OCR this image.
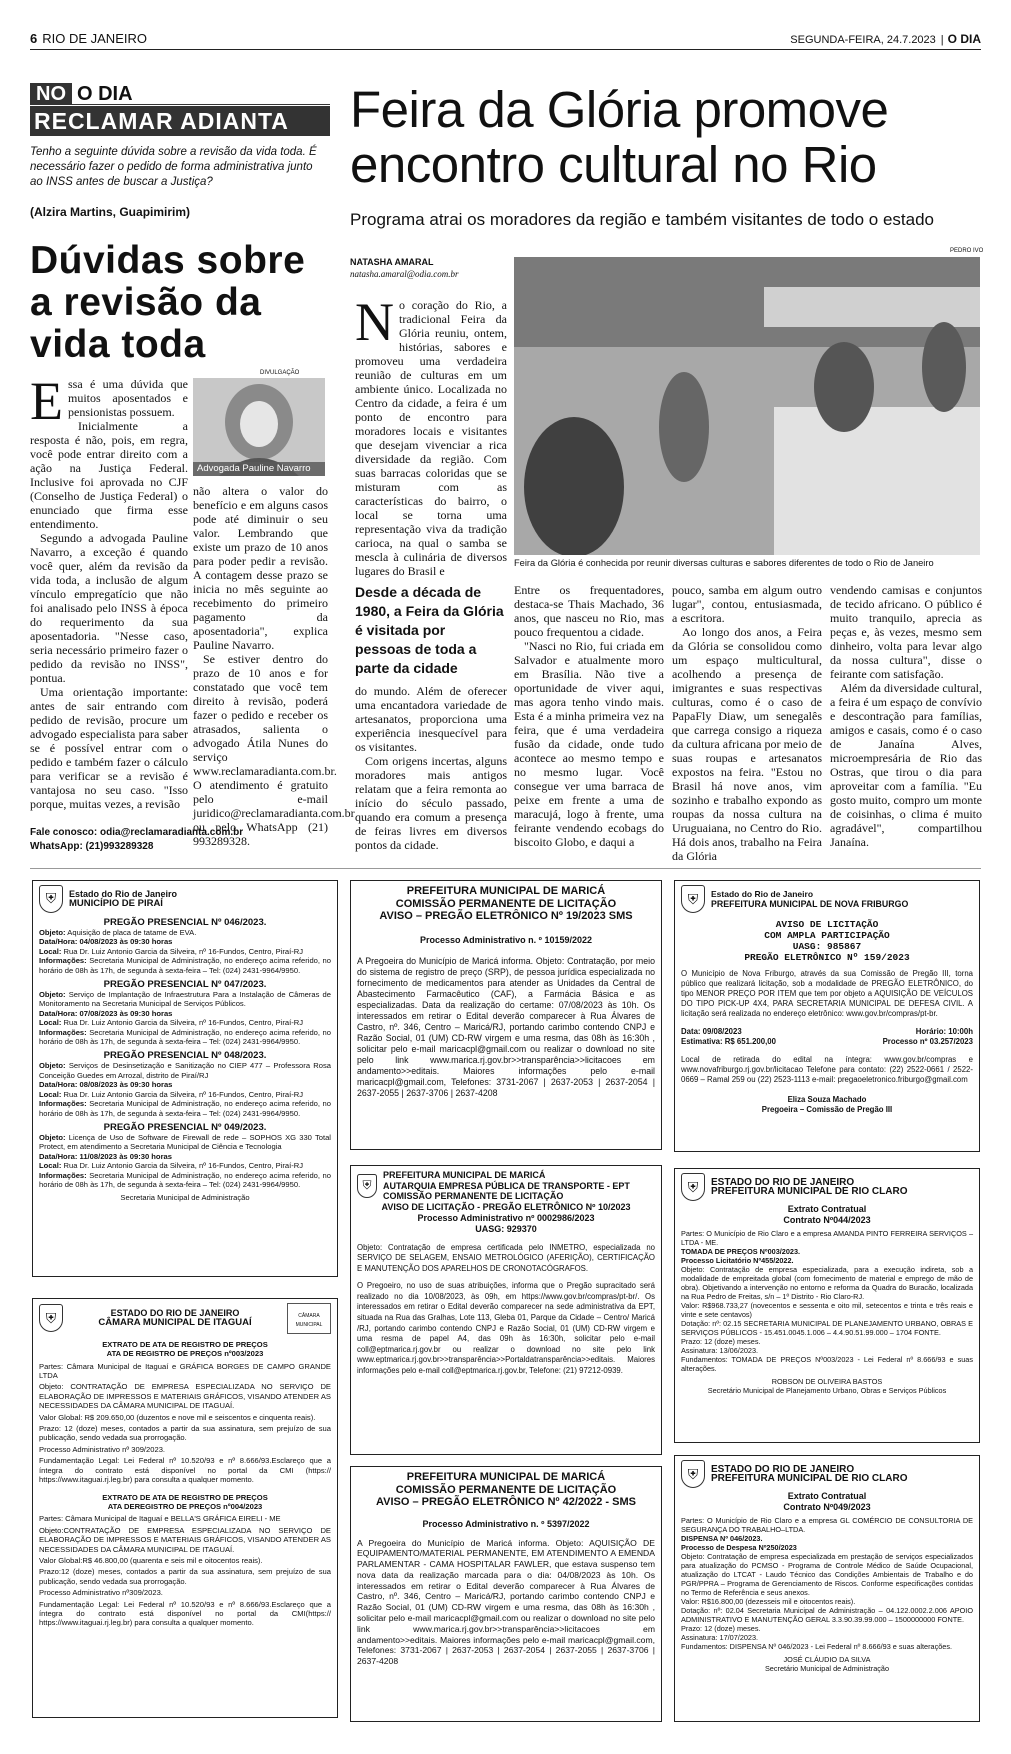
6 RIO DE JANEIRO	SEGUNDA-FEIRA, 24.7.2023 | O DIA
NO O DIA
RECLAMAR ADIANTA
Tenho a seguinte dúvida sobre a revisão da vida toda. É necessário fazer o pedido de forma administrativa junto ao INSS antes de buscar a Justiça?
(Alzira Martins, Guapimirim)
Dúvidas sobre a revisão da vida toda
DIVULGAÇÃO
Advogada Pauline Navarro
E ssa é uma dúvida que muitos aposentados e pensionistas possuem.

Inicialmente a resposta é não, pois, em regra, você pode entrar direito com a ação na Justiça Federal. Inclusive foi aprovada no CJF (Conselho de Justiça Federal) o enunciado que firma esse entendimento.

Segundo a advogada Pauline Navarro, a exceção é quando você quer, além da revisão da vida toda, a inclusão de algum vínculo empregatício que não foi analisado pelo INSS à época do requerimento da sua aposentadoria. "Nesse caso, seria necessário primeiro fazer o pedido da revisão no INSS", pontua.

Uma orientação importante: antes de sair entrando com pedido de revisão, procure um advogado especialista para saber se é possível entrar com o pedido e também fazer o cálculo para verificar se a revisão é vantajosa no seu caso. "Isso porque, muitas vezes, a revisão

não altera o valor do benefício e em alguns casos pode até diminuir o seu valor. Lembrando que existe um prazo de 10 anos para poder pedir a revisão. A contagem desse prazo se inicia no mês seguinte ao recebimento do primeiro pagamento da aposentadoria", explica Pauline Navarro.

Se estiver dentro do prazo de 10 anos e for constatado que você tem direito à revisão, poderá fazer o pedido e receber os atrasados, salienta o advogado Átila Nunes do serviço www.reclamaradianta.com.br. O atendimento é gratuito pelo e-mail juridico@reclamaradianta.com.br ou pelo WhatsApp (21) 993289328.

Fale conosco: odia@reclamaradianta.com.br
WhatsApp: (21)993289328
Feira da Glória promove encontro cultural no Rio
Programa atrai os moradores da região e também visitantes de todo o estado
NATASHA AMARAL
natasha.amaral@odia.com.br
PEDRO IVO
Feira da Glória é conhecida por reunir diversas culturas e sabores diferentes de todo o Rio de Janeiro
N o coração do Rio, a tradicional Feira da Glória reuniu, ontem, histórias, sabores e promoveu uma verdadeira reunião de culturas em um ambiente único. Localizada no Centro da cidade, a feira é um ponto de encontro para moradores locais e visitantes que desejam vivenciar a rica diversidade da região. Com suas barracas coloridas que se misturam com as características do bairro, o local se torna uma representação viva da tradição carioca, na qual o samba se mescla à culinária de diversos lugares do Brasil e

Desde a década de 1980, a Feira da Glória é visitada por pessoas de toda a parte da cidade

do mundo. Além de oferecer uma encantadora variedade de artesanatos, proporciona uma experiência inesquecível para os visitantes.

Com origens incertas, alguns moradores mais antigos relatam que a feira remonta ao início do século passado, quando era comum a presença de feiras livres em diversos pontos da cidade.

Entre os frequentadores, destaca-se Thais Machado, 36 anos, que nasceu no Rio, mas pouco frequentou a cidade.

"Nasci no Rio, fui criada em Salvador e atualmente moro em Brasília. Não tive a oportunidade de viver aqui, mas agora tenho vindo mais. Esta é a minha primeira vez na feira, que é uma verdadeira fusão da cidade, onde tudo acontece ao mesmo tempo e no mesmo lugar. Você consegue ver uma barraca de peixe em frente a uma de maracujá, logo à frente, uma feirante vendendo ecobags do biscoito Globo, e daqui a

pouco, samba em algum outro lugar", contou, entusiasmada, a escritora.

Ao longo dos anos, a Feira da Glória se consolidou como um espaço multicultural, acolhendo a presença de imigrantes e suas respectivas culturas, como é o caso de PapaFly Diaw, um senegalês que carrega consigo a riqueza da cultura africana por meio de suas roupas e artesanatos expostos na feira. "Estou no Brasil há nove anos, vim sozinho e trabalho expondo as roupas da nossa cultura na Uruguaiana, no Centro do Rio. Há dois anos, trabalho na Feira da Glória

vendendo camisas e conjuntos de tecido africano. O público é muito tranquilo, aprecia as peças e, às vezes, mesmo sem dinheiro, volta para levar algo da nossa cultura", disse o feirante com satisfação.

Além da diversidade cultural, a feira é um espaço de convívio e descontração para famílias, amigos e casais, como é o caso de Janaína Alves, microempresária de Rio das Ostras, que tirou o dia para aproveitar com a família. "Eu gosto muito, compro um monte de coisinhas, o clima é muito agradável", compartilhou Janaína.

⛨	Estado do Rio de Janeiro
MUNICÍPIO DE PIRAÍ
PREGÃO PRESENCIAL Nº 046/2023.
Objeto: Aquisição de placa de tatame de EVA.
Data/Hora: 04/08/2023 às 09:30 horas
Local: Rua Dr. Luiz Antonio Garcia da Silveira, nº 16-Fundos, Centro, Piraí-RJ
Informações: Secretaria Municipal de Administração, no endereço acima referido, no horário de 08h às 17h, de segunda à sexta-feira – Tel: (024) 2431-9964/9950.
PREGÃO PRESENCIAL Nº 047/2023.
Objeto: Serviço de Implantação de Infraestrutura Para a Instalação de Câmeras de Monitoramento na Secretaria Municipal de Serviços Públicos.
Data/Hora: 07/08/2023 às 09:30 horas
Local: Rua Dr. Luiz Antonio Garcia da Silveira, nº 16-Fundos, Centro, Piraí-RJ
Informações: Secretaria Municipal de Administração, no endereço acima referido, no horário de 08h às 17h, de segunda à sexta-feira – Tel: (024) 2431-9964/9950.
PREGÃO PRESENCIAL Nº 048/2023.
Objeto: Serviços de Desinsetização e Sanitização no CIEP 477 – Professora Rosa Conceição Guedes em Arrozal, distrito de Piraí/RJ
Data/Hora: 08/08/2023 às 09:30 horas
Local: Rua Dr. Luiz Antonio Garcia da Silveira, nº 16-Fundos, Centro, Piraí-RJ
Informações: Secretaria Municipal de Administração, no endereço acima referido, no horário de 08h às 17h, de segunda à sexta-feira – Tel: (024) 2431-9964/9950.
PREGÃO PRESENCIAL Nº 049/2023.
Objeto: Licença de Uso de Software de Firewall de rede – SOPHOS XG 330 Total Protect, em atendimento a Secretaria Municipal de Ciência e Tecnologia
Data/Hora: 11/08/2023 às 09:30 horas
Local: Rua Dr. Luiz Antonio Garcia da Silveira, nº 16-Fundos, Centro, Piraí-RJ
Informações: Secretaria Municipal de Administração, no endereço acima referido, no horário de 08h às 17h, de segunda à sexta-feira – Tel: (024) 2431-9964/9950.
Secretaria Municipal de Administração
⛨	ESTADO DO RIO DE JANEIRO
CÂMARA MUNICIPAL DE ITAGUAÍ
CÂMARA MUNICIPAL
EXTRATO DE ATA DE REGISTRO DE PREÇOS
ATA DE REGISTRO DE PREÇOS nº003/2023
Partes: Câmara Municipal de Itaguaí e GRÁFICA BORGES DE CAMPO GRANDE LTDA
Objeto: CONTRATAÇÃO DE EMPRESA ESPECIALIZADA NO SERVIÇO DE ELABORAÇÃO DE IMPRESSOS E MATERIAIS GRÁFICOS, VISANDO ATENDER AS NECESSIDADES DA CÂMARA MUNICIPAL DE ITAGUAÍ.
Valor Global: R$ 209.650,00 (duzentos e nove mil e seiscentos e cinquenta reais).
Prazo: 12 (doze) meses, contados a partir da sua assinatura, sem prejuízo de sua publicação, sendo vedada sua prorrogação.
Processo Administrativo nº 309/2023.
Fundamentação Legal: Lei Federal nº 10.520/93 e nº 8.666/93.Esclareço que a íntegra do contrato está disponível no portal da CMI (https:// https://www.itaguai.rj.leg.br) para consulta a qualquer momento.
EXTRATO DE ATA DE REGISTRO DE PREÇOS
ATA DEREGISTRO DE PREÇOS nº004/2023
Partes: Câmara Municipal de Itaguaí e BELLA'S GRÁFICA EIRELI - ME
Objeto:CONTRATAÇÃO DE EMPRESA ESPECIALIZADA NO SERVIÇO DE ELABORAÇÃO DE IMPRESSOS E MATERIAIS GRÁFICOS, VISANDO ATENDER AS NECESSIDADES DA CÂMARA MUNICIPAL DE ITAGUAÍ.
Valor Global:R$ 46.800,00 (quarenta e seis mil e oitocentos reais).
Prazo:12 (doze) meses, contados a partir da sua assinatura, sem prejuízo de sua publicação, sendo vedada sua prorrogação.
Processo Administrativo nº309/2023.
Fundamentação Legal: Lei Federal nº 10.520/93 e nº 8.666/93.Esclareço que a íntegra do contrato está disponível no portal da CMI(https:// https://www.itaguai.rj.leg.br) para consulta a qualquer momento.
PREFEITURA MUNICIPAL DE MARICÁ
COMISSÃO PERMANENTE DE LICITAÇÃO
AVISO – PREGÃO ELETRÔNICO Nº 19/2023 SMS
Processo Administrativo n. º 10159/2022
A Pregoeira do Município de Maricá informa. Objeto: Contratação, por meio do sistema de registro de preço (SRP), de pessoa jurídica especializada no fornecimento de medicamentos para atender as Unidades da Central de Abastecimento Farmacêutico (CAF), a Farmácia Básica e as especializadas. Data da realização do certame: 07/08/2023 às 10h. Os interessados em retirar o Edital deverão comparecer à Rua Álvares de Castro, nº. 346, Centro – Maricá/RJ, portando carimbo contendo CNPJ e Razão Social, 01 (UM) CD-RW virgem e uma resma, das 08h às 16:30h , solicitar pelo e-mail maricacpl@gmail.com ou realizar o download no site pelo link www.marica.rj.gov.br>>transparência>>licitacoes em andamento>>editais. Maiores informações pelo e-mail maricacpl@gmail.com, Telefones: 3731-2067 | 2637-2053 | 2637-2054 | 2637-2055 | 2637-3706 | 2637-4208
⛨
PREFEITURA MUNICIPAL DE MARICÁ
AUTARQUIA EMPRESA PÚBLICA DE TRANSPORTE - EPT
COMISSÃO PERMANENTE DE LICITAÇÃO
AVISO DE LICITAÇÃO - PREGÃO ELETRÔNICO Nº 10/2023
Processo Administrativo nº 0002986/2023
UASG: 929370
Objeto: Contratação de empresa certificada pelo INMETRO, especializada no SERVIÇO DE SELAGEM, ENSAIO METROLÓGICO (AFERIÇÃO), CERTIFICAÇÃO E MANUTENÇÃO DOS APARELHOS DE CRONOTACÓGRAFOS.
O Pregoeiro, no uso de suas atribuições, informa que o Pregão supracitado será realizado no dia 10/08/2023, às 09h, em https://www.gov.br/compras/pt-br/. Os interessados em retirar o Edital deverão comparecer na sede administrativa da EPT, situada na Rua das Gralhas, Lote 113, Gleba 01, Parque da Cidade – Centro/ Maricá /RJ, portando carimbo contendo CNPJ e Razão Social, 01 (UM) CD-RW virgem e uma resma de papel A4, das 09h às 16:30h, solicitar pelo e-mail coll@eptmarica.rj.gov.br ou realizar o download no site pelo link www.eptmarica.rj.gov.br>>transparência>>Portaldatransparência>>editais. Maiores informações pelo e-mail coll@eptmarica.rj.gov.br, Telefone: (21) 97212-0939.
PREFEITURA MUNICIPAL DE MARICÁ
COMISSÃO PERMANENTE DE LICITAÇÃO
AVISO – PREGÃO ELETRÔNICO Nº 42/2022 - SMS
Processo Administrativo n. º 5397/2022
A Pregoeira do Município de Maricá informa. Objeto: AQUISIÇÃO DE EQUIPAMENTO/MATERIAL PERMANENTE, EM ATENDIMENTO A EMENDA PARLAMENTAR - CAMA HOSPITALAR FAWLER, que estava suspenso tem nova data da realização marcada para o dia: 04/08/2023 às 10h. Os interessados em retirar o Edital deverão comparecer à Rua Álvares de Castro, nº. 346, Centro – Maricá/RJ, portando carimbo contendo CNPJ e Razão Social, 01 (UM) CD-RW virgem e uma resma, das 08h às 16:30h , solicitar pelo e-mail maricacpl@gmail.com ou realizar o download no site pelo link www.marica.rj.gov.br>>transparência>>licitacoes em andamento>>editais. Maiores informações pelo e-mail maricacpl@gmail.com, Telefones: 3731-2067 | 2637-2053 | 2637-2054 | 2637-2055 | 2637-3706 | 2637-4208
⛨	Estado do Rio de Janeiro
PREFEITURA MUNICIPAL DE NOVA FRIBURGO
AVISO DE LICITAÇÃO
COM AMPLA PARTICIPAÇÃO
UASG: 985867
PREGÃO ELETRÔNICO Nº 159/2023
O Município de Nova Friburgo, através da sua Comissão de Pregão III, torna público que realizará licitação, sob a modalidade de PREGÃO ELETRÔNICO, do tipo MENOR PREÇO POR ITEM que tem por objeto a AQUISIÇÃO DE VEÍCULOS DO TIPO PICK-UP 4X4, PARA SECRETARIA MUNICIPAL DE DEFESA CIVIL. A licitação será realizada no endereço eletrônico: www.gov.br/compras/pt-br.
Data: 09/08/2023	Horário: 10:00h
Estimativa: R$ 651.200,00	Processo nº 03.257/2023
Local de retirada do edital na íntegra: www.gov.br/compras e www.novafriburgo.rj.gov.br/licitacao Telefone para contato: (22) 2522-0661 / 2522-0669 – Ramal 259 ou (22) 2523-1113 e-mail: pregaoeletronico.friburgo@gmail.com
Eliza Souza Machado
Pregoeira – Comissão de Pregão III
⛨	ESTADO DO RIO DE JANEIRO
PREFEITURA MUNICIPAL DE RIO CLARO
Extrato Contratual
Contrato Nº044/2023
Partes: O Município de Rio Claro e a empresa AMANDA PINTO FERREIRA SERVIÇOS – LTDA - ME.
TOMADA DE PREÇOS Nº003/2023.
Processo Licitatório Nº455/2022.
Objeto: Contratação de empresa especializada, para a execução indireta, sob a modalidade de empreitada global (com fornecimento de material e emprego de mão de obra). Objetivando a intervenção no entorno e reforma da Quadra do Buracão, localizada na Rua Pedro de Freitas, s/n – 1º Distrito - Rio Claro-RJ.
Valor: R$968.733,27 (novecentos e sessenta e oito mil, setecentos e trinta e três reais e vinte e sete centavos)
Dotação: nº: 02.15 SECRETARIA MUNICIPAL DE PLANEJAMENTO URBANO, OBRAS E SERVIÇOS PÚBLICOS - 15.451.0045.1.006 – 4.4.90.51.99.000 – 1704 FONTE.
Prazo: 12 (doze) meses.
Assinatura: 13/06/2023.
Fundamentos: TOMADA DE PREÇOS Nº003/2023 - Lei Federal nº 8.666/93 e suas alterações.
ROBSON DE OLIVEIRA BASTOS
Secretário Municipal de Planejamento Urbano, Obras e Serviços Públicos
⛨	ESTADO DO RIO DE JANEIRO
PREFEITURA MUNICIPAL DE RIO CLARO
Extrato Contratual
Contrato Nº049/2023
Partes: O Município de Rio Claro e a empresa GL COMÉRCIO DE CONSULTORIA DE SEGURANÇA DO TRABALHO–LTDA.
DISPENSA Nº 046/2023.
Processo de Despesa Nº250/2023
Objeto: Contratação de empresa especializada em prestação de serviços especializados para atualização do PCMSO - Programa de Controle Médico de Saúde Ocupacional, atualização do LTCAT - Laudo Técnico das Condições Ambientais de Trabalho e do PGR/PPRA – Programa de Gerenciamento de Riscos. Conforme especificações contidas no Termo de Referência e seus anexos.
Valor: R$16.800,00 (dezesseis mil e oitocentos reais).
Dotação: nº: 02.04 Secretaria Municipal de Administração – 04.122.0002.2.006 APOIO ADMINISTRATIVO E MANUTENÇÃO GERAL 3.3.90.39.99.000 – 1500000000 FONTE.
Prazo: 12 (doze) meses.
Assinatura: 17/07/2023.
Fundamentos: DISPENSA Nº 046/2023 - Lei Federal nº 8.666/93 e suas alterações.
JOSÉ CLÁUDIO DA SILVA
Secretário Municipal de Administração
